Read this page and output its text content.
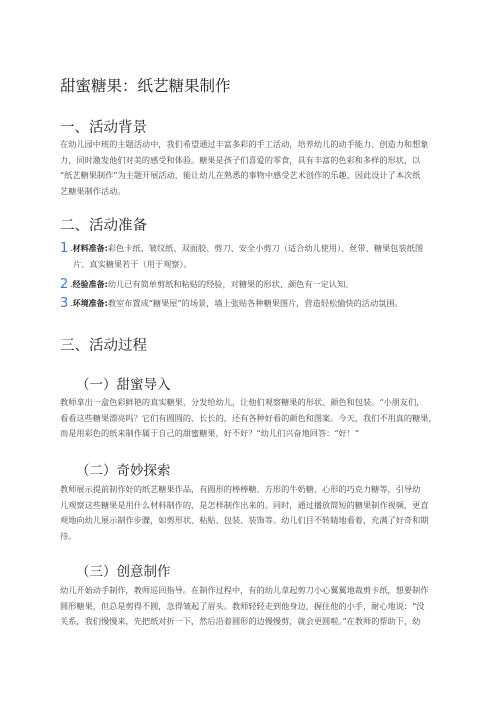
甜蜜糖果：纸艺糖果制作
一、活动背景
在幼儿园中班的主题活动中，我们希望通过丰富多彩的手工活动，培养幼儿的动手能力、创造力和想象
力，同时激发他们对美的感受和体验。糖果是孩子们喜爱的零食，具有丰富的色彩和多样的形状，以
“纸艺糖果制作”为主题开展活动，能让幼儿在熟悉的事物中感受艺术创作的乐趣，因此设计了本次纸
艺糖果制作活动。
二、活动准备
1 .材料准备:彩色卡纸、皱纹纸、双面胶、剪刀、安全小剪刀（适合幼儿使用）、丝带、糖果包装纸图
片、真实糖果若干（用于观察）。
2 .经验准备:幼儿已有简单剪纸和粘贴的经验，对糖果的形状、颜色有一定认知。
3 .环境准备:教室布置成“糖果屋”的场景，墙上张贴各种糖果图片，营造轻松愉快的活动氛围。
三、活动过程
（一）甜蜜导入
教师拿出一盒色彩鲜艳的真实糖果，分发给幼儿，让他们观察糖果的形状、颜色和包装。“小朋友们，
看看这些糖果漂亮吗？它们有圆圆的、长长的，还有各种好看的颜色和图案。今天，我们不用真的糖果，
而是用彩色的纸来制作属于自己的甜蜜糖果，好不好？”幼儿们兴奋地回答：“好！”
（二）奇妙探索
教师展示提前制作好的纸艺糖果作品，有圆形的棒棒糖、方形的牛奶糖、心形的巧克力糖等，引导幼
儿观察这些糖果是用什么材料制作的，是怎样制作出来的。同时，通过播放简短的糖果制作视频，更直
观地向幼儿展示制作步骤，如剪形状、粘贴、包装、装饰等。幼儿们目不转睛地看着，充满了好奇和期
待。
（三）创意制作
幼儿开始动手制作，教师巡回指导。在制作过程中，有的幼儿拿起剪刀小心翼翼地裁剪卡纸，想要制作
圆形糖果，但总是剪得不圆，急得皱起了眉头。教师轻轻走到他身边，握住他的小手，耐心地说：“没
关系，我们慢慢来，先把纸对折一下，然后沿着圆形的边慢慢剪，就会更圆啦。”在教师的帮助下，幼
